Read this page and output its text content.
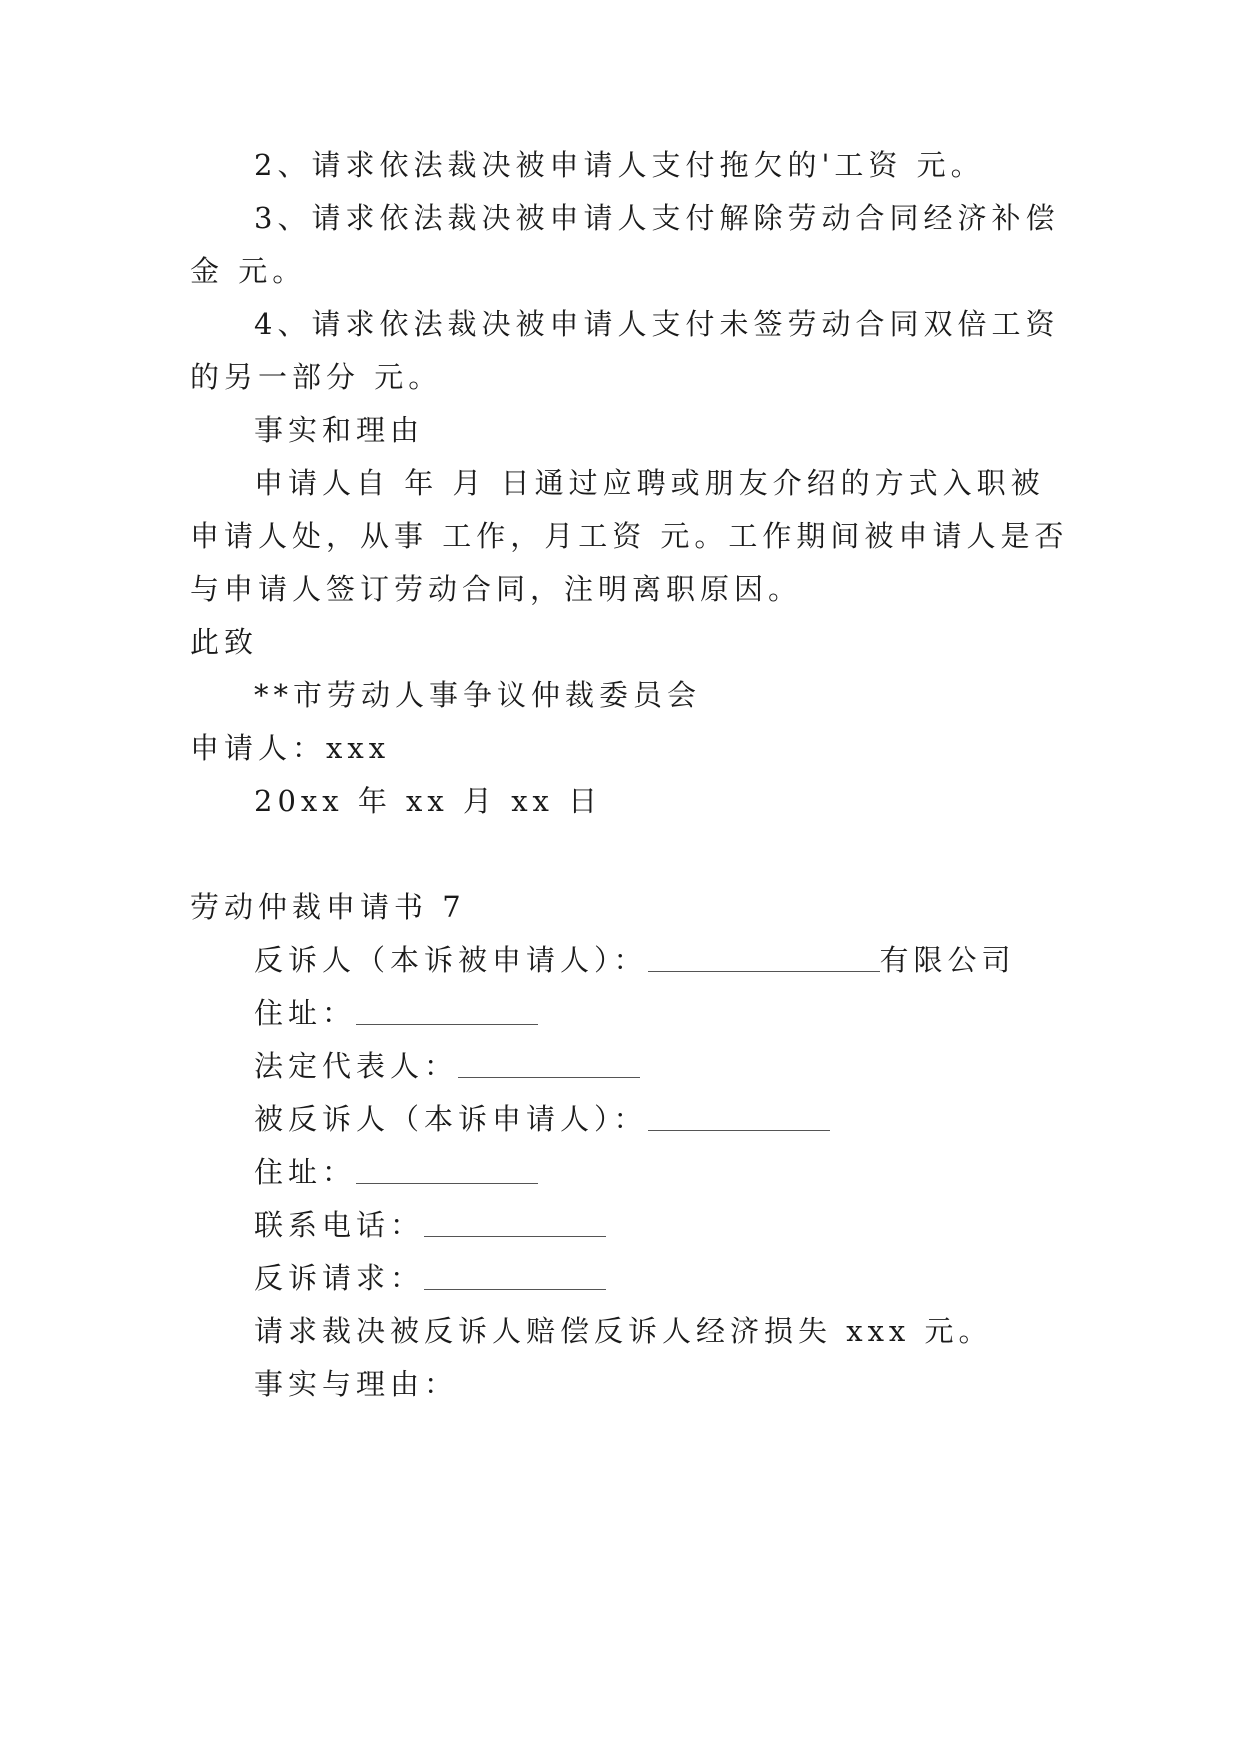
2、请求依法裁决被申请人支付拖欠的'工资 元。
3、请求依法裁决被申请人支付解除劳动合同经济补偿
金 元。
4、请求依法裁决被申请人支付未签劳动合同双倍工资
的另一部分 元。
事实和理由
申请人自 年 月 日通过应聘或朋友介绍的方式入职被
申请人处，从事 工作，月工资 元。工作期间被申请人是否
与申请人签订劳动合同，注明离职原因。
此致
**市劳动人事争议仲裁委员会
申请人：xxx
20xx 年 xx 月 xx 日
劳动仲裁申请书 7
反诉人（本诉被申请人）：	有限公司
住址：
法定代表人：
被反诉人（本诉申请人）：
住址：
联系电话：
反诉请求：
请求裁决被反诉人赔偿反诉人经济损失 xxx 元。
事实与理由：
